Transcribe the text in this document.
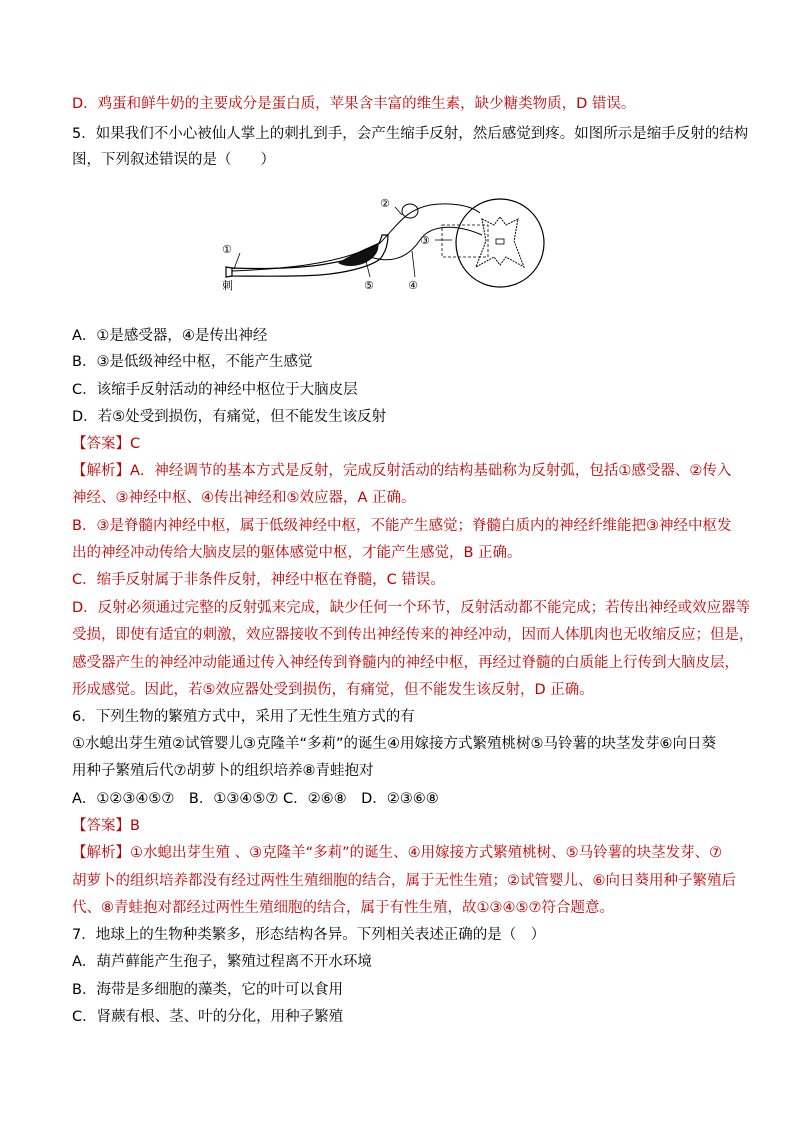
D．鸡蛋和鲜牛奶的主要成分是蛋白质，苹果含丰富的维生素，缺少糖类物质，D 错误。
5．如果我们不小心被仙人掌上的刺扎到手，会产生缩手反射，然后感觉到疼。如图所示是缩手反射的结构
图，下列叙述错误的是（　　）
①
②
③
④
⑤
刺
A．①是感受器，④是传出神经
B．③是低级神经中枢，不能产生感觉
C．该缩手反射活动的神经中枢位于大脑皮层
D．若⑤处受到损伤，有痛觉，但不能发生该反射
【答案】C
【解析】A．神经调节的基本方式是反射，完成反射活动的结构基础称为反射弧，包括①感受器、②传入
神经、③神经中枢、④传出神经和⑤效应器，A 正确。
B．③是脊髓内神经中枢，属于低级神经中枢，不能产生感觉；脊髓白质内的神经纤维能把③神经中枢发
出的神经冲动传给大脑皮层的躯体感觉中枢，才能产生感觉，B 正确。
C．缩手反射属于非条件反射，神经中枢在脊髓，C 错误。
D．反射必须通过完整的反射弧来完成，缺少任何一个环节，反射活动都不能完成；若传出神经或效应器等
受损，即使有适宜的刺激，效应器接收不到传出神经传来的神经冲动，因而人体肌肉也无收缩反应；但是，
感受器产生的神经冲动能通过传入神经传到脊髓内的神经中枢，再经过脊髓的白质能上行传到大脑皮层，
形成感觉。因此，若⑤效应器处受到损伤，有痛觉，但不能发生该反射，D 正确。
6．下列生物的繁殖方式中，采用了无性生殖方式的有
①水螅出芽生殖②试管婴儿③克隆羊“多莉”的诞生④用嫁接方式繁殖桃树⑤马铃薯的块茎发芽⑥向日葵
用种子繁殖后代⑦胡萝卜的组织培养⑧青蛙抱对
A．①②③④⑤⑦　B．①③④⑤⑦ C．②⑥⑧　D．②③⑥⑧
【答案】B
【解析】①水螅出芽生殖 、③克隆羊“多莉”的诞生、④用嫁接方式繁殖桃树、⑤马铃薯的块茎发芽、⑦
胡萝卜的组织培养都没有经过两性生殖细胞的结合，属于无性生殖；②试管婴儿、⑥向日葵用种子繁殖后
代、⑧青蛙抱对都经过两性生殖细胞的结合，属于有性生殖，故①③④⑤⑦符合题意。
7．地球上的生物种类繁多，形态结构各异。下列相关表述正确的是（　）
A．葫芦藓能产生孢子，繁殖过程离不开水环境
B．海带是多细胞的藻类，它的叶可以食用
C．肾蕨有根、茎、叶的分化，用种子繁殖
